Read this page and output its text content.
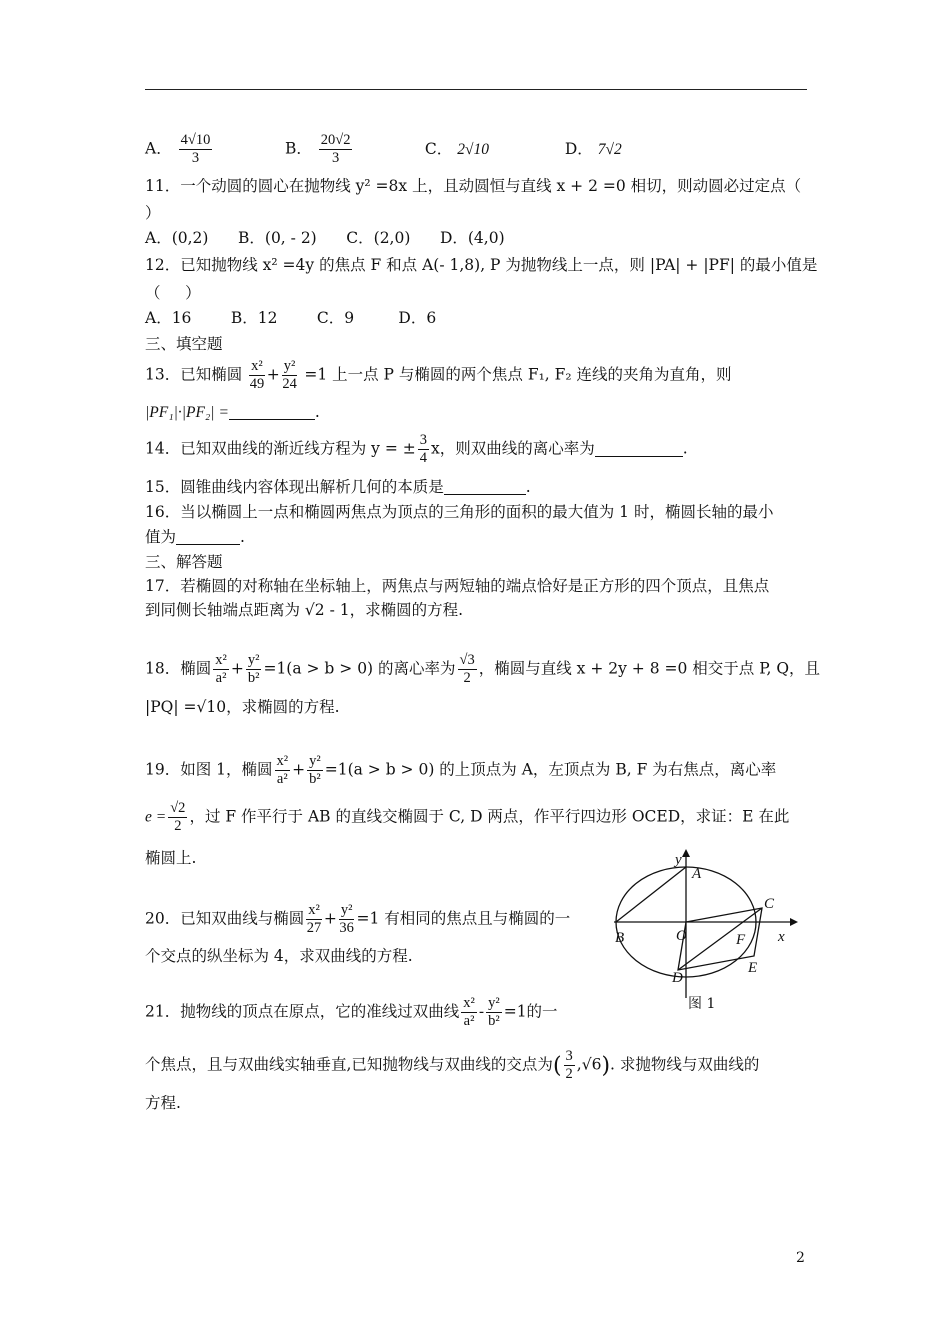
A． $\frac{4√10}{3}$	B． $\frac{20√2}{3}$	C． 2√10	D． 7√2
11．一个动圆的圆心在抛物线 y² =8x 上，且动圆恒与直线 x + 2 =0 相切，则动圆必过定点（
）
A．(0,2)      B．(0, - 2)      C．(2,0)      D．(4,0)
12．已知抛物线 x² =4y 的焦点 F 和点 A(- 1,8), P 为抛物线上一点，则 |PA| + |PF| 的最小值是
（     ）
A．16        B．12        C．9         D．6
三、填空题
13．已知椭圆 $\frac{\text{x²}}{49} + \frac{\text{y²}}{24} =1$ 上一点 P 与椭圆的两个焦点 F₁, F₂ 连线的夹角为直角，则
|PF₁|·|PF₂| =	.
14．已知双曲线的渐近线方程为 y = ± $\frac{3}{4}$ x，则双曲线的离心率为	.
15．圆锥曲线内容体现出解析几何的本质是	.
16．当以椭圆上一点和椭圆两焦点为顶点的三角形的面积的最大值为 1 时，椭圆长轴的最小
值为	.
三、解答题
17．若椭圆的对称轴在坐标轴上，两焦点与两短轴的端点恰好是正方形的四个顶点，且焦点
到同侧长轴端点距离为 √2 - 1，求椭圆的方程.
18．椭圆 $\frac{\text{x²}}{\text{a²}} + \frac{\text{y²}}{\text{b²}} =1(a > b > 0)$ 的离心率为 $\frac{√3}{2}$ ，椭圆与直线 x + 2y + 8 =0 相交于点 P, Q，且
|PQ| =√10，求椭圆的方程.
19．如图 1，椭圆 $\frac{\text{x²}}{\text{a²}} + \frac{\text{y²}}{\text{b²}} =1(a > b > 0)$ 的上顶点为 A，左顶点为 B, F 为右焦点，离心率
$e = \frac{√2}{2}$ ，过 F 作平行于 AB 的直线交椭圆于 C, D 两点，作平行四边形 OCED，求证：E 在此
椭圆上.
20．已知双曲线与椭圆 $\frac{\text{x²}}{27} + \frac{\text{y²}}{36} =1$ 有相同的焦点且与椭圆的一
个交点的纵坐标为 4，求双曲线的方程.
21．抛物线的顶点在原点，它的准线过双曲线 $\frac{\text{x²}}{\text{a²}} - \frac{\text{y²}}{\text{b²}} =1$的一
个焦点，且与双曲线实轴垂直,已知抛物线与双曲线的交点为( $\frac{3}{2} ,√6$). 求抛物线与双曲线的
方程.
y
A
B
C
D
E
F
O	x
图 1
2
